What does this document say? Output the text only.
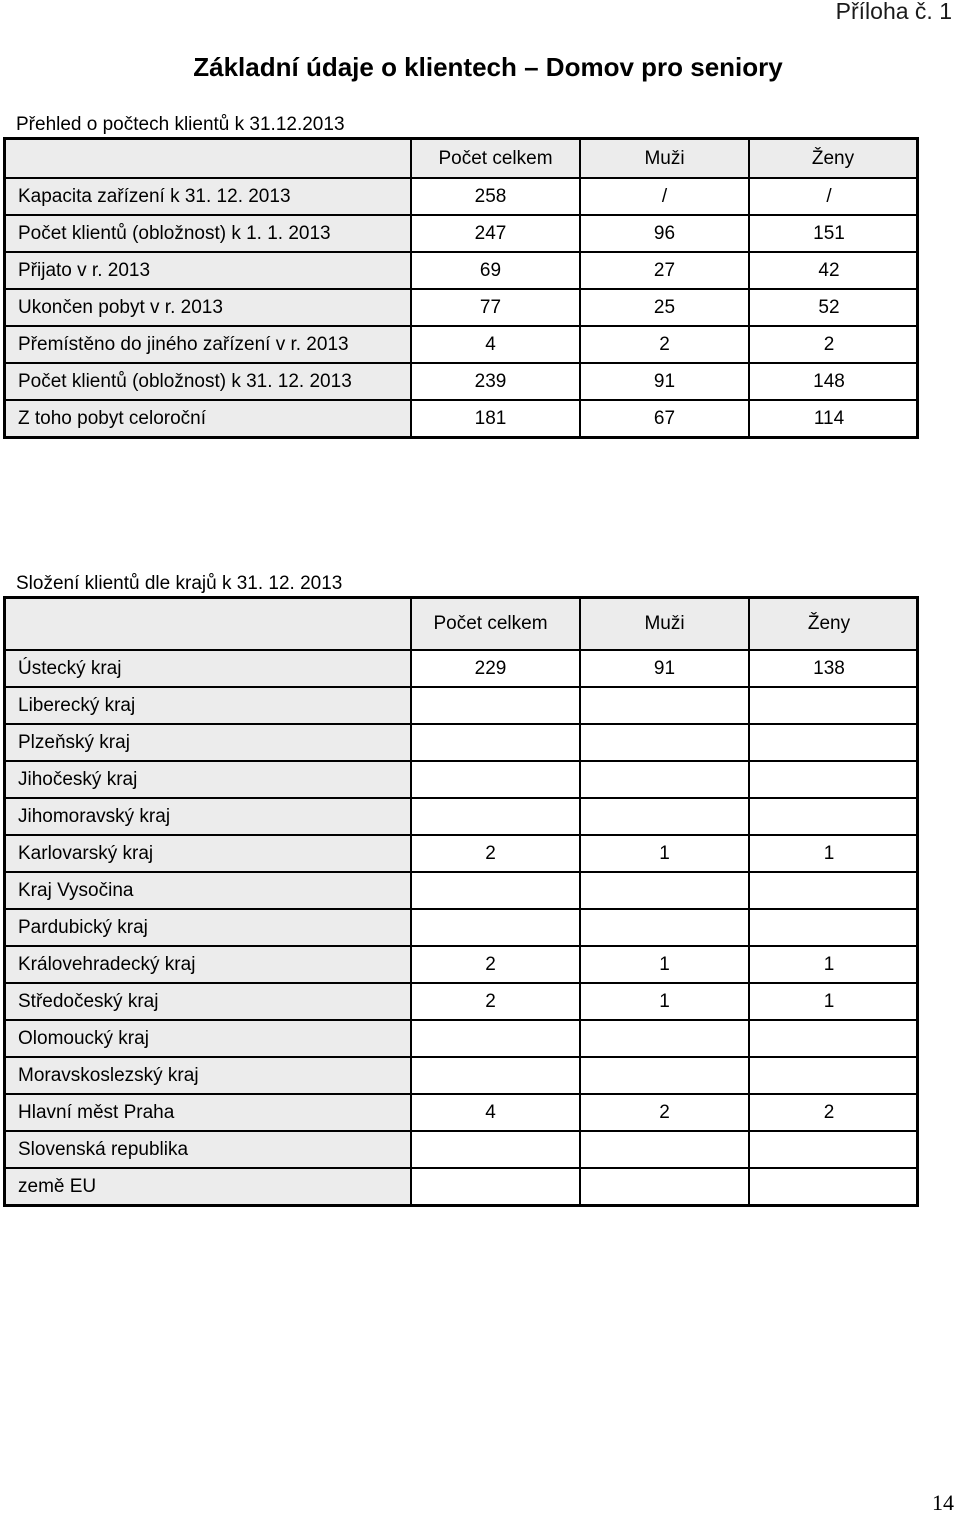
Příloha č. 1
Základní údaje o klientech – Domov pro seniory
Přehled o počtech klientů k 31.12.2013
	Počet celkem	Muži	Ženy
Kapacita zařízení k 31. 12. 2013	258	/	/
Počet klientů (obložnost) k 1. 1. 2013	247	96	151
Přijato v r. 2013	69	27	42
Ukončen pobyt v r. 2013	77	25	52
Přemístěno do jiného zařízení v r. 2013	4	2	2
Počet klientů (obložnost) k 31. 12. 2013	239	91	148
Z toho pobyt celoroční	181	67	114
Složení klientů dle krajů k 31. 12. 2013
	Počet celkem	Muži	Ženy
Ústecký kraj	229	91	138
Liberecký kraj			
Plzeňský kraj			
Jihočeský kraj			
Jihomoravský kraj			
Karlovarský kraj	2	1	1
Kraj Vysočina			
Pardubický kraj			
Královehradecký kraj	2	1	1
Středočeský kraj	2	1	1
Olomoucký kraj			
Moravskoslezský kraj			
Hlavní měst Praha	4	2	2
Slovenská republika			
země EU			
14
